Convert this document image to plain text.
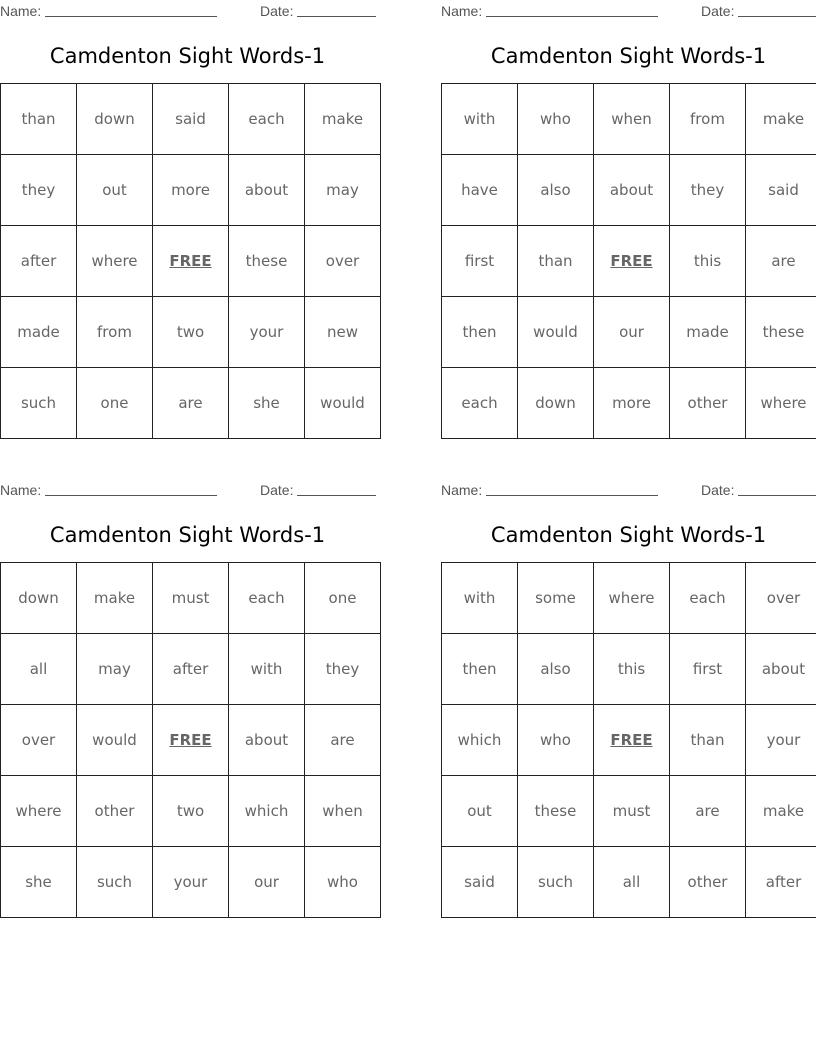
Name:	Date:
Camdenton Sight Words-1
than	down	said	each	make
they	out	more	about	may
after	where	FREE	these	over
made	from	two	your	new
such	one	are	she	would
Name:	Date:
Camdenton Sight Words-1
with	who	when	from	make
have	also	about	they	said
first	than	FREE	this	are
then	would	our	made	these
each	down	more	other	where
Name:	Date:
Camdenton Sight Words-1
down	make	must	each	one
all	may	after	with	they
over	would	FREE	about	are
where	other	two	which	when
she	such	your	our	who
Name:	Date:
Camdenton Sight Words-1
with	some	where	each	over
then	also	this	first	about
which	who	FREE	than	your
out	these	must	are	make
said	such	all	other	after
